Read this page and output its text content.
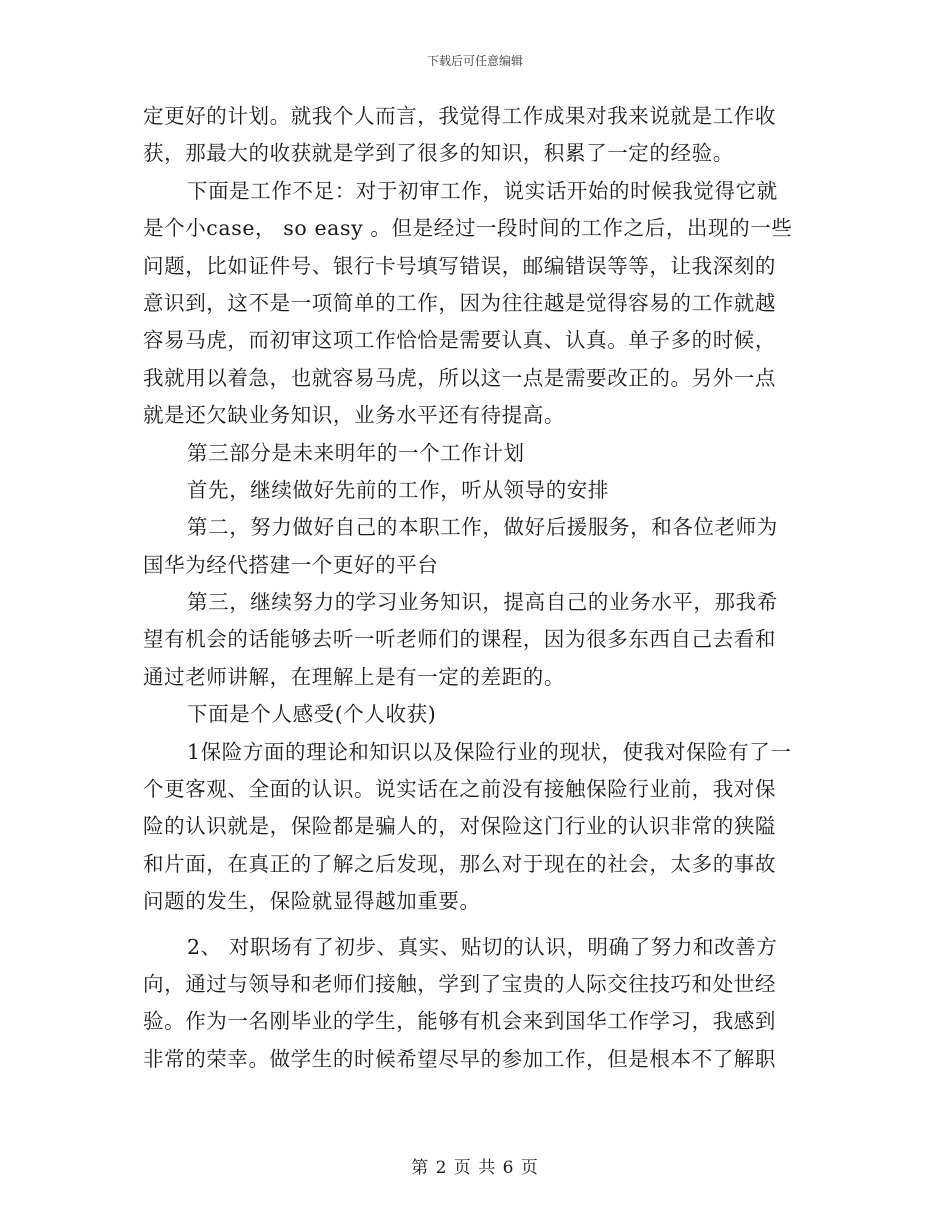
下载后可任意编辑
定更好的计划。就我个人而言，我觉得工作成果对我来说就是工作收
获，那最大的收获就是学到了很多的知识，积累了一定的经验。
下面是工作不足：对于初审工作，说实话开始的时候我觉得它就
是个小case， so easy 。但是经过一段时间的工作之后，出现的一些
问题，比如证件号、银行卡号填写错误，邮编错误等等，让我深刻的
意识到，这不是一项简单的工作，因为往往越是觉得容易的工作就越
容易马虎，而初审这项工作恰恰是需要认真、认真。单子多的时候，
我就用以着急，也就容易马虎，所以这一点是需要改正的。另外一点
就是还欠缺业务知识，业务水平还有待提高。
第三部分是未来明年的一个工作计划
首先，继续做好先前的工作，听从领导的安排
第二，努力做好自己的本职工作，做好后援服务，和各位老师为
国华为经代搭建一个更好的平台
第三，继续努力的学习业务知识，提高自己的业务水平，那我希
望有机会的话能够去听一听老师们的课程，因为很多东西自己去看和
通过老师讲解，在理解上是有一定的差距的。
下面是个人感受(个人收获)
1保险方面的理论和知识以及保险行业的现状，使我对保险有了一
个更客观、全面的认识。说实话在之前没有接触保险行业前，我对保
险的认识就是，保险都是骗人的，对保险这门行业的认识非常的狭隘
和片面，在真正的了解之后发现，那么对于现在的社会，太多的事故
问题的发生，保险就显得越加重要。
2、 对职场有了初步、真实、贴切的认识，明确了努力和改善方
向，通过与领导和老师们接触，学到了宝贵的人际交往技巧和处世经
验。作为一名刚毕业的学生，能够有机会来到国华工作学习，我感到
非常的荣幸。做学生的时候希望尽早的参加工作，但是根本不了解职
第 2 页 共 6 页
